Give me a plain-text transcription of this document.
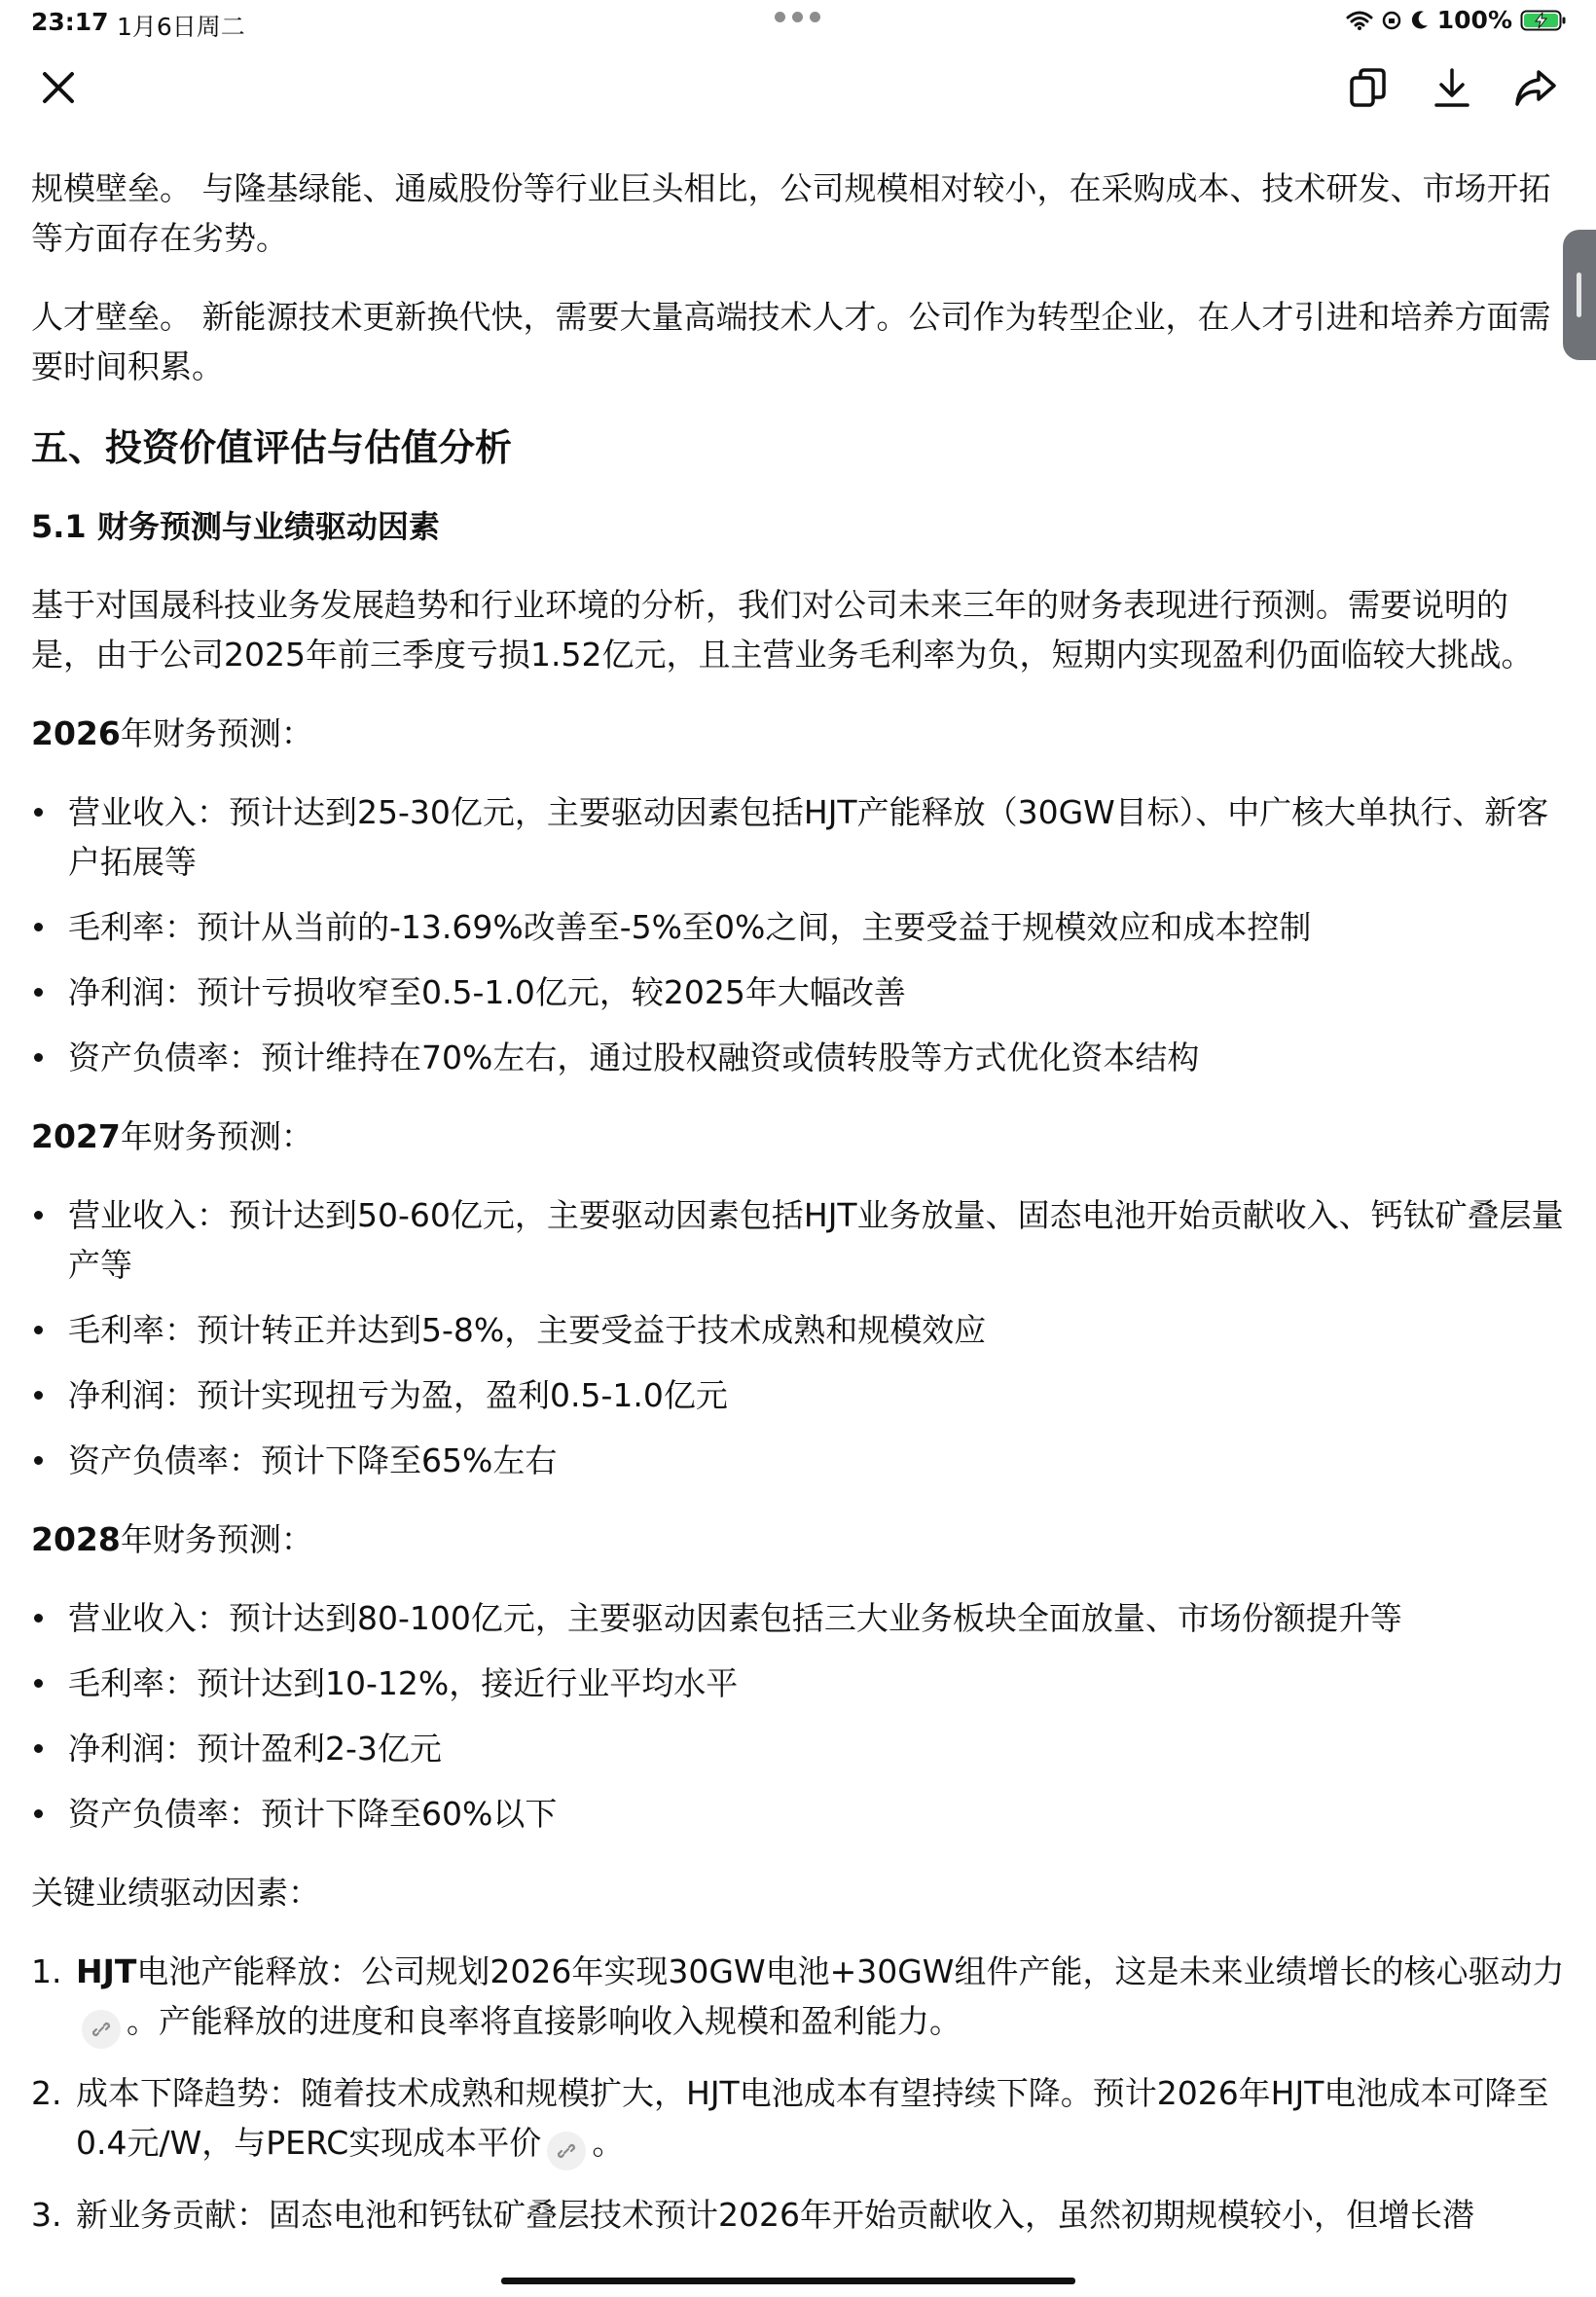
23:17 1月6日周二	100%

规模壁垒。 与隆基绿能、通威股份等行业巨头相比，公司规模相对较小，在采购成本、技术研发、市场开拓等方面存在劣势。

人才壁垒。 新能源技术更新换代快，需要大量高端技术人才。公司作为转型企业，在人才引进和培养方面需要时间积累。

五、投资价值评估与估值分析
5.1 财务预测与业绩驱动因素

基于对国晟科技业务发展趋势和行业环境的分析，我们对公司未来三年的财务表现进行预测。需要说明的是，由于公司2025年前三季度亏损1.52亿元，且主营业务毛利率为负，短期内实现盈利仍面临较大挑战。

2026年财务预测：
营业收入：预计达到25-30亿元，主要驱动因素包括HJT产能释放（30GW目标）、中广核大单执行、新客户拓展等
毛利率：预计从当前的-13.69%改善至-5%至0%之间，主要受益于规模效应和成本控制
净利润：预计亏损收窄至0.5-1.0亿元，较2025年大幅改善
资产负债率：预计维持在70%左右，通过股权融资或债转股等方式优化资本结构
2027年财务预测：
营业收入：预计达到50-60亿元，主要驱动因素包括HJT业务放量、固态电池开始贡献收入、钙钛矿叠层量产等
毛利率：预计转正并达到5-8%，主要受益于技术成熟和规模效应
净利润：预计实现扭亏为盈，盈利0.5-1.0亿元
资产负债率：预计下降至65%左右
2028年财务预测：
营业收入：预计达到80-100亿元，主要驱动因素包括三大业务板块全面放量、市场份额提升等
毛利率：预计达到10-12%，接近行业平均水平
净利润：预计盈利2-3亿元
资产负债率：预计下降至60%以下
关键业绩驱动因素：
1. HJT电池产能释放：公司规划2026年实现30GW电池+30GW组件产能，这是未来业绩增长的核心驱动力
。产能释放的进度和良率将直接影响收入规模和盈利能力。
2. 成本下降趋势：随着技术成熟和规模扩大，HJT电池成本有望持续下降。预计2026年HJT电池成本可降至0.4元/W，与PERC实现成本平价 。
3. 新业务贡献：固态电池和钙钛矿叠层技术预计2026年开始贡献收入，虽然初期规模较小，但增长潜
